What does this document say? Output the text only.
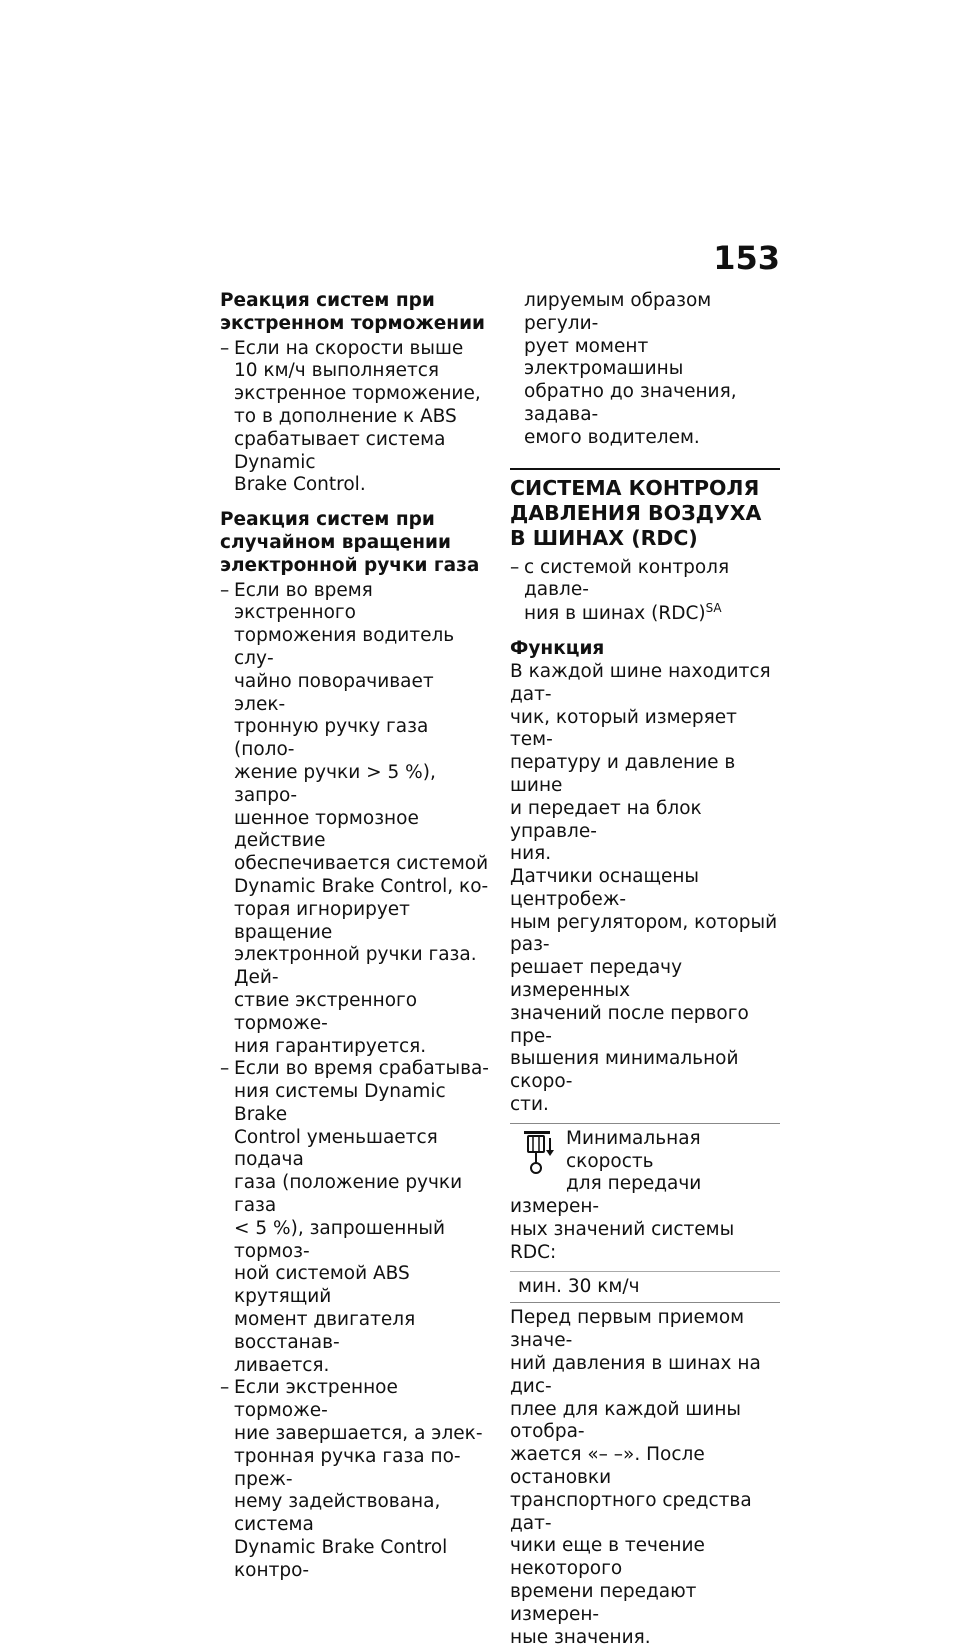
153
Реакция систем при
экстренном торможении
– Если на скорости выше
10 км/ч выполняется
экстренное торможение,
то в дополнение к ABS
срабатывает система Dynamic
Brake Control.
Реакция систем при
случайном вращении
электронной ручки газа
– Если во время экстренного
торможения водитель слу-
чайно поворачивает элек-
тронную ручку газа (поло-
жение ручки > 5 %), запро-
шенное тормозное действие
обеспечивается системой
Dynamic Brake Control, ко-
торая игнорирует вращение
электронной ручки газа. Дей-
ствие экстренного торможе-
ния гарантируется.
– Если во время срабатыва-
ния системы Dynamic Brake
Control уменьшается подача
газа (положение ручки газа
< 5 %), запрошенный тормоз-
ной системой ABS крутящий
момент двигателя восстанав-
ливается.
– Если экстренное торможе-
ние завершается, а элек-
тронная ручка газа по-преж-
нему задействована, система
Dynamic Brake Control контро-
лируемым образом регули-
рует момент электромашины
обратно до значения, задава-
емого водителем.
СИСТЕМА КОНТРОЛЯ
ДАВЛЕНИЯ ВОЗДУХА
В ШИНАХ (RDC)
– с системой контроля давле-
ния в шинах (RDC)$^{SA}$
Функция
В каждой шине находится дат-
чик, который измеряет тем-
пературу и давление в шине
и передает на блок управле-
ния.
Датчики оснащены центробеж-
ным регулятором, который раз-
решает передачу измеренных
значений после первого пре-
вышения минимальной скоро-
сти.
Минимальная скорость
для передачи измерен-
ных значений системы RDC:
мин. 30 км/ч
Перед первым приемом значе-
ний давления в шинах на дис-
плее для каждой шины отобра-
жается «– –». После остановки
транспортного средства дат-
чики еще в течение некоторого
времени передают измерен-
ные значения.
